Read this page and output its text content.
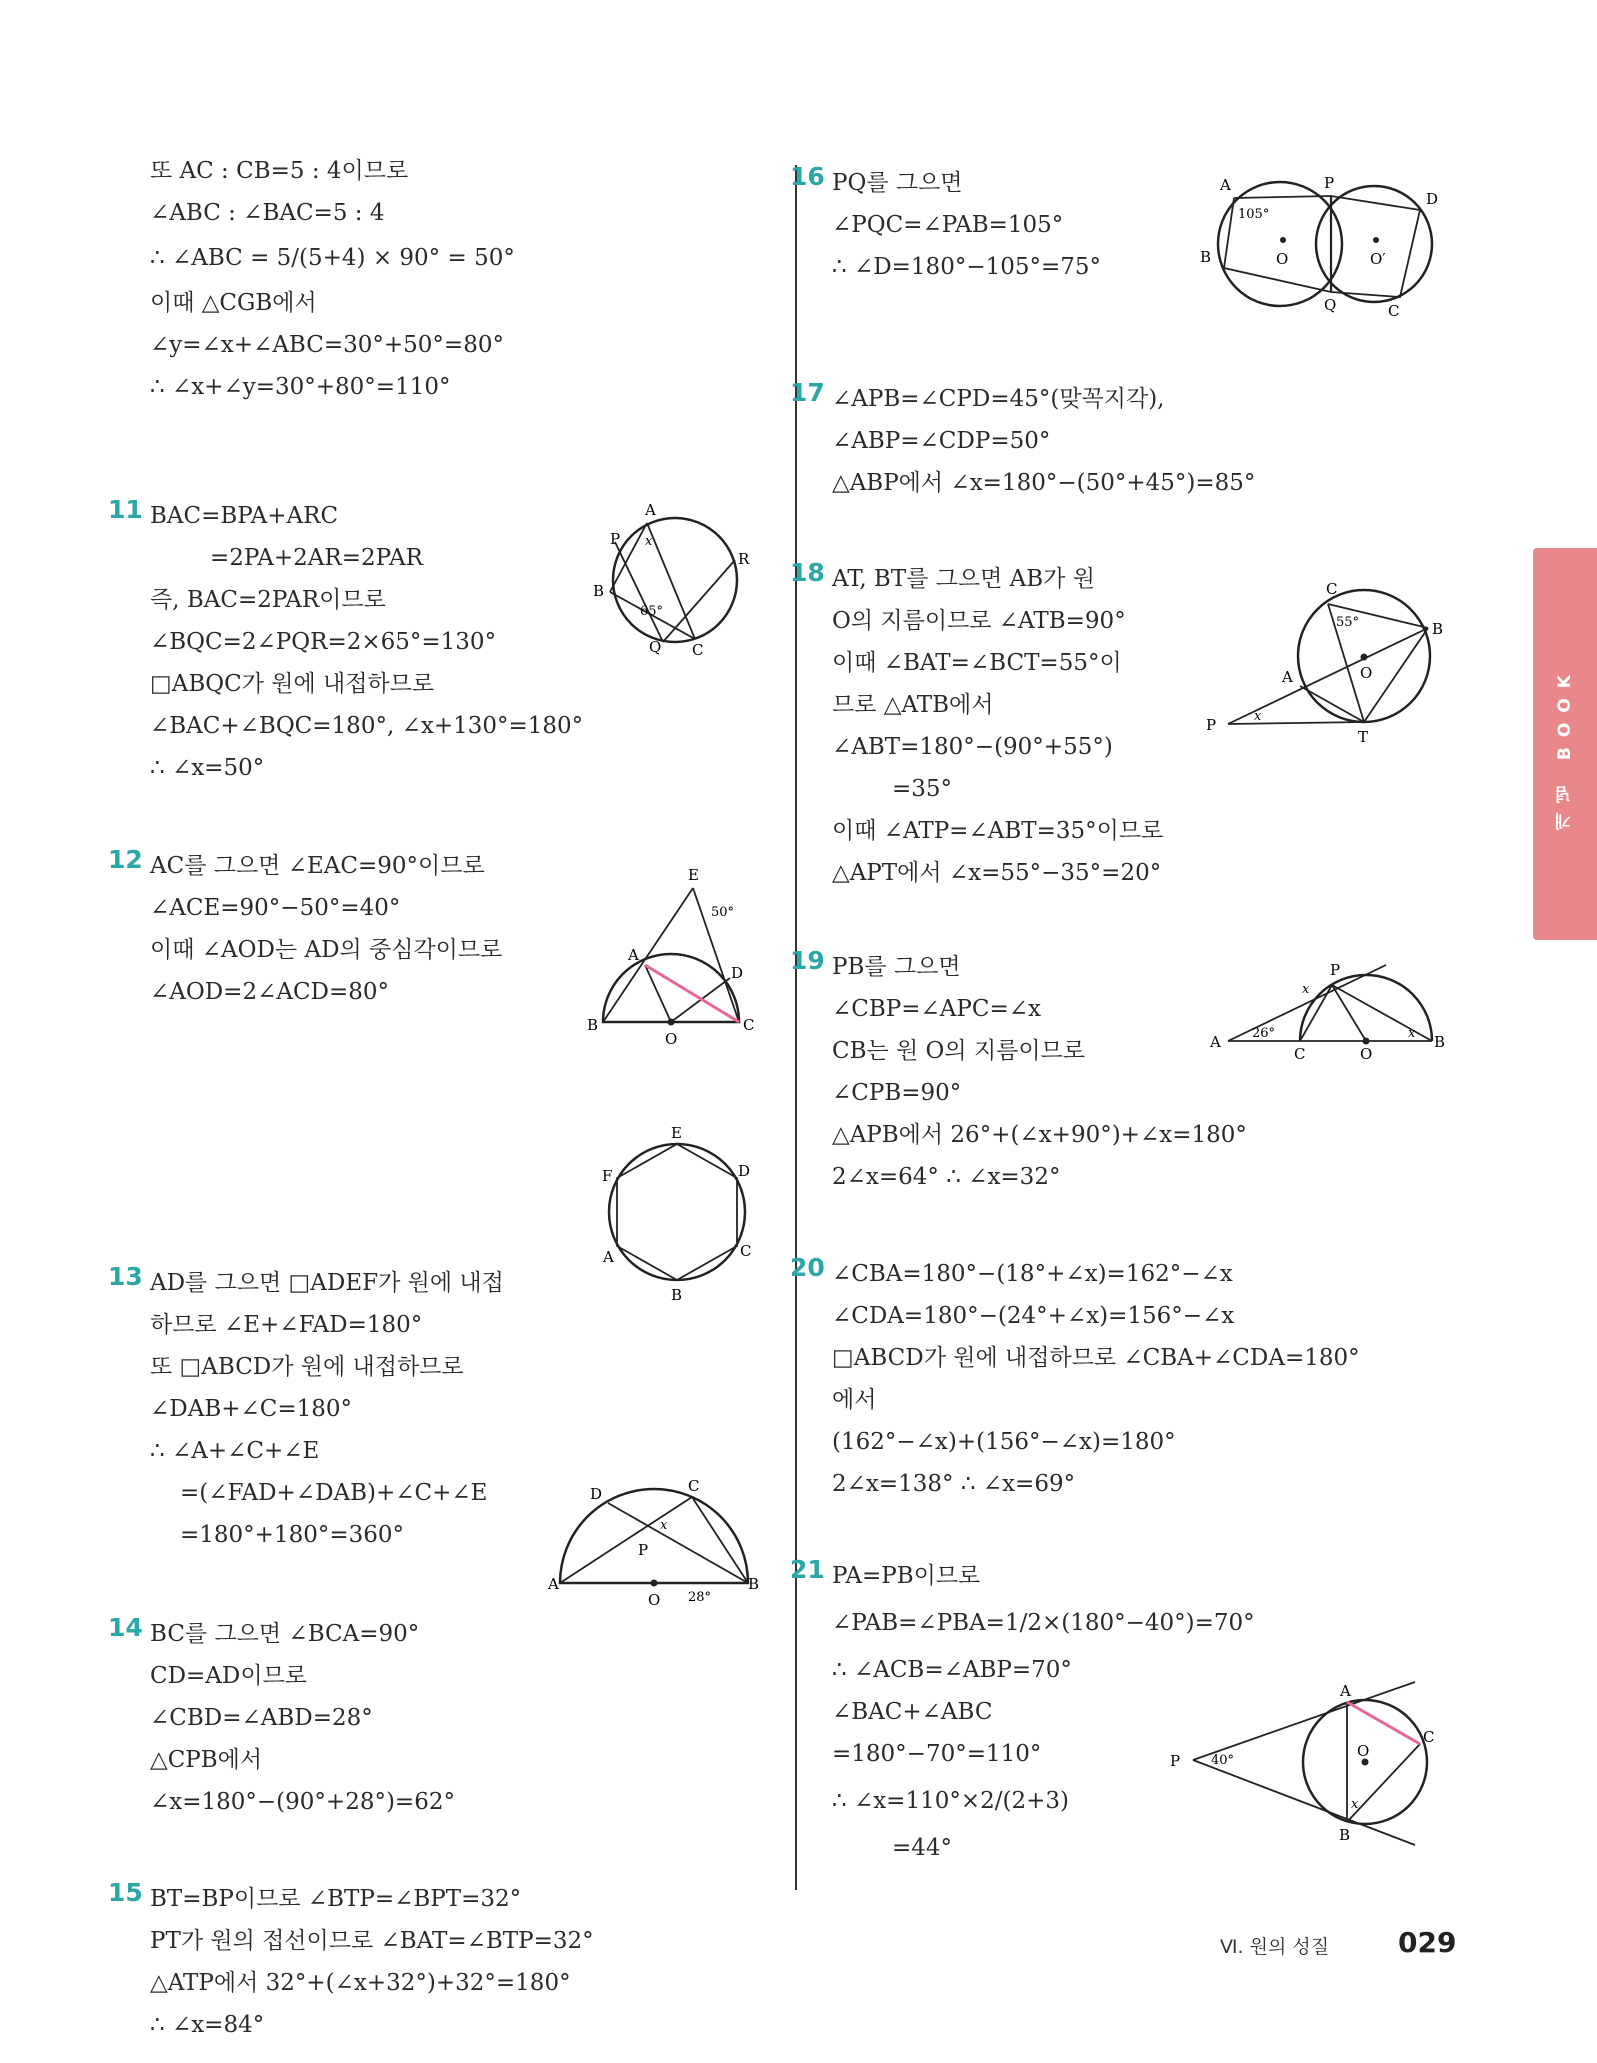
또 AC : CB=5 : 4이므로
∠ABC : ∠BAC=5 : 4
∴ ∠ABC = 5/(5+4) × 90° = 50°
이때 △CGB에서
∠y=∠x+∠ABC=30°+50°=80°
∴ ∠x+∠y=30°+80°=110°
11 BAC=BPA+ARC
=2PA+2AR=2PAR
즉, BAC=2PAR이므로
∠BQC=2∠PQR=2×65°=130°
□ABQC가 원에 내접하므로
∠BAC+∠BQC=180°, ∠x+130°=180°
∴ ∠x=50°
12 AC를 그으면 ∠EAC=90°이므로
∠ACE=90°−50°=40°
이때 ∠AOD는 AD의 중심각이므로
∠AOD=2∠ACD=80°
13 AD를 그으면 □ADEF가 원에 내접
하므로 ∠E+∠FAD=180°
또 □ABCD가 원에 내접하므로
∠DAB+∠C=180°
∴ ∠A+∠C+∠E
=(∠FAD+∠DAB)+∠C+∠E
=180°+180°=360°
14 BC를 그으면 ∠BCA=90°
CD=AD이므로
∠CBD=∠ABD=28°
△CPB에서
∠x=180°−(90°+28°)=62°
15 BT=BP이므로 ∠BTP=∠BPT=32°
PT가 원의 접선이므로 ∠BAT=∠BTP=32°
△ATP에서 32°+(∠x+32°)+32°=180°
∴ ∠x=84°
A
P
R
B
Q C
x
65°
E
50°
A
D
B
O
C
E
F	D
A	C
B
D	C
x
P
A
O 28°
B
16 PQ를 그으면
∠PQC=∠PAB=105°
∴ ∠D=180°−105°=75°
17 ∠APB=∠CPD=45°(맞꼭지각),
∠ABP=∠CDP=50°
△ABP에서 ∠x=180°−(50°+45°)=85°
18 AT, BT를 그으면 AB가 원
O의 지름이므로 ∠ATB=90°
이때 ∠BAT=∠BCT=55°이
므로 △ATB에서
∠ABT=180°−(90°+55°)
=35°
이때 ∠ATP=∠ABT=35°이므로
△APT에서 ∠x=55°−35°=20°
19 PB를 그으면
∠CBP=∠APC=∠x
CB는 원 O의 지름이므로
∠CPB=90°
△APB에서 26°+(∠x+90°)+∠x=180°
2∠x=64° ∴ ∠x=32°
20 ∠CBA=180°−(18°+∠x)=162°−∠x
∠CDA=180°−(24°+∠x)=156°−∠x
□ABCD가 원에 내접하므로 ∠CBA+∠CDA=180°
에서
(162°−∠x)+(156°−∠x)=180°
2∠x=138° ∴ ∠x=69°
21 PA=PB이므로
∠PAB=∠PBA=1/2×(180°−40°)=70°
∴ ∠ACB=∠ABP=70°
∠BAC+∠ABC
=180°−70°=110°
∴ ∠x=110°×2/(2+3)
=44°
A	P
D
105°
O	O′
B
Q	C
C
55°	B
A	O
P	x
T
P
x
A 26°
C	O
x B
A
C
P 40°
O
x
B
개념 BOOK
Ⅵ. 원의 성질 029
